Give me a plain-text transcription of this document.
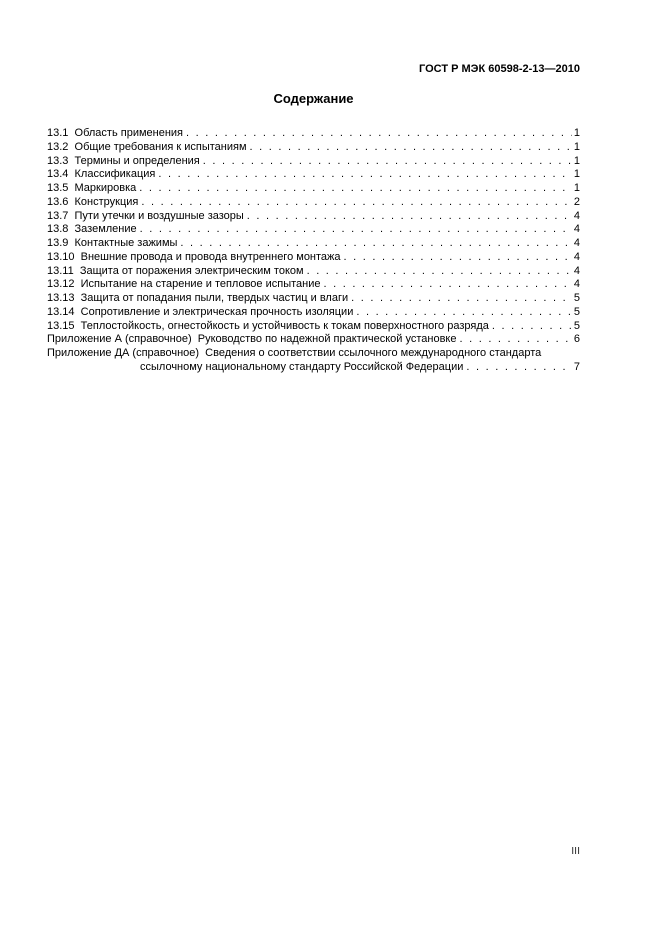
ГОСТ Р МЭК 60598-2-13—2010
Содержание
13.1  Область применения . . .	1
13.2  Общие требования к испытаниям . . .	1
13.3  Термины и определения . . .	1
13.4  Классификация . . .	1
13.5  Маркировка . . .	1
13.6  Конструкция . . .	2
13.7  Пути утечки и воздушные зазоры . . .	4
13.8  Заземление . . .	4
13.9  Контактные зажимы . . .	4
13.10  Внешние провода и провода внутреннего монтажа . . .	4
13.11  Защита от поражения электрическим током . . .	4
13.12  Испытание на старение и тепловое испытание . . .	4
13.13  Защита от попадания пыли, твердых частиц и влаги . . .	5
13.14  Сопротивление и электрическая прочность изоляции . . .	5
13.15  Теплостойкость, огнестойкость и устойчивость к токам поверхностного разряда . . .	5
Приложение А (справочное)  Руководство по надежной практической установке . . .	6
Приложение ДА (справочное)  Сведения о соответствии ссылочного международного стандарта
ссылочному национальному стандарту Российской Федерации . . .	7
III
